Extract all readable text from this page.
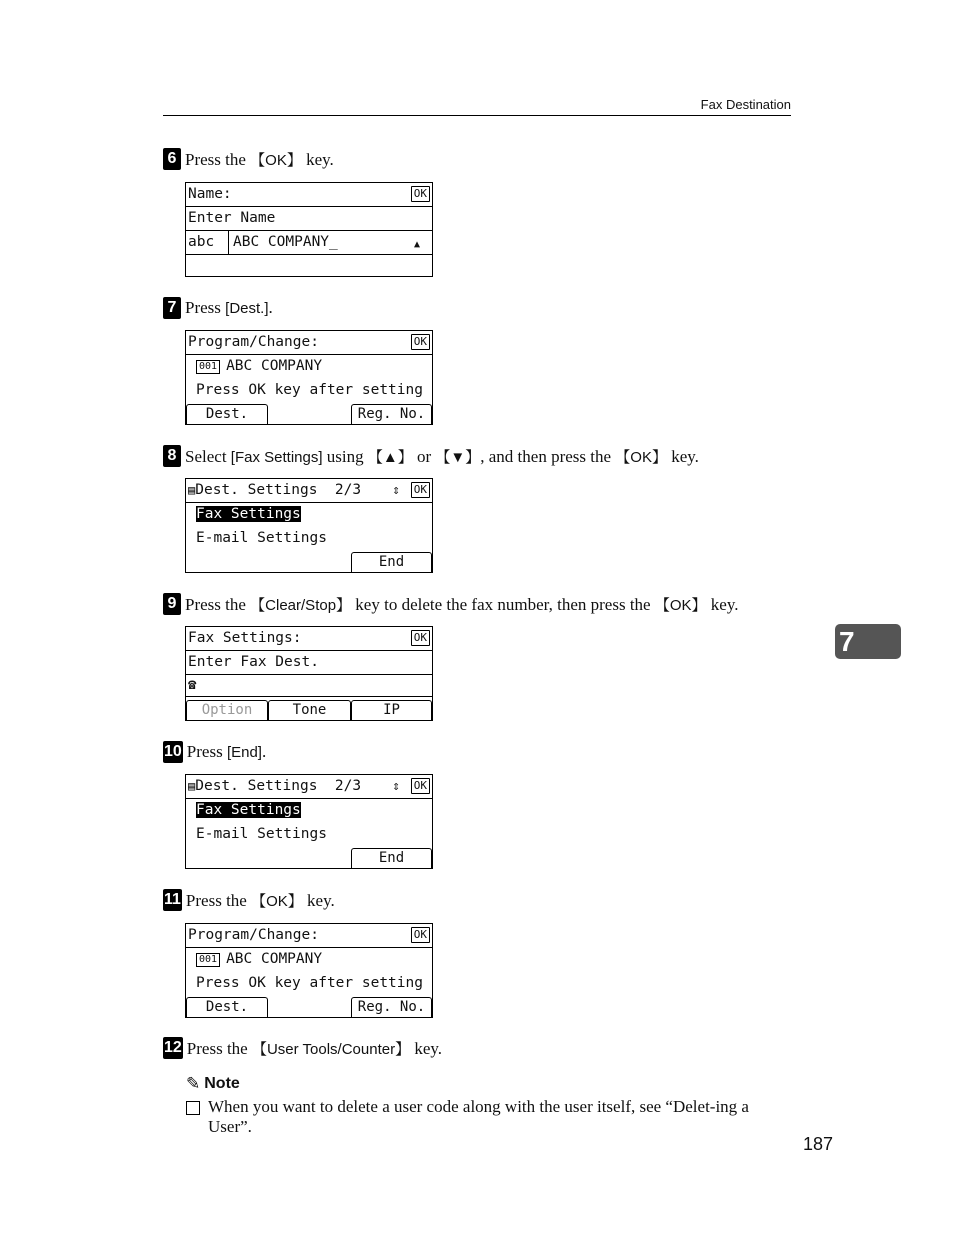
Fax Destination
7
6 Press the 【OK】 key.
Name:	OK
Enter Name
abc ABC COMPANY_	▲
7 Press [Dest.].
Program/Change:	OK
001 ABC COMPANY
Press OK key after setting
Dest.	Reg. No.
8 Select [Fax Settings] using 【▲】 or 【▼】, and then press the 【OK】 key.
▤Dest. Settings  2/3 ⇕ OK
Fax Settings
E-mail Settings
End
9 Press the 【Clear/Stop】 key to delete the fax number, then press the 【OK】 key.
Fax Settings:	OK
Enter Fax Dest.
☎
Option	Tone	IP
10 Press [End].
▤Dest. Settings  2/3 ⇕ OK
Fax Settings
E-mail Settings
End
11 Press the 【OK】 key.
Program/Change:	OK
001 ABC COMPANY
Press OK key after setting
Dest.	Reg. No.
12 Press the 【User Tools/Counter】 key.
✎ Note
When you want to delete a user code along with the user itself, see “Delet-ing a User”.
187
